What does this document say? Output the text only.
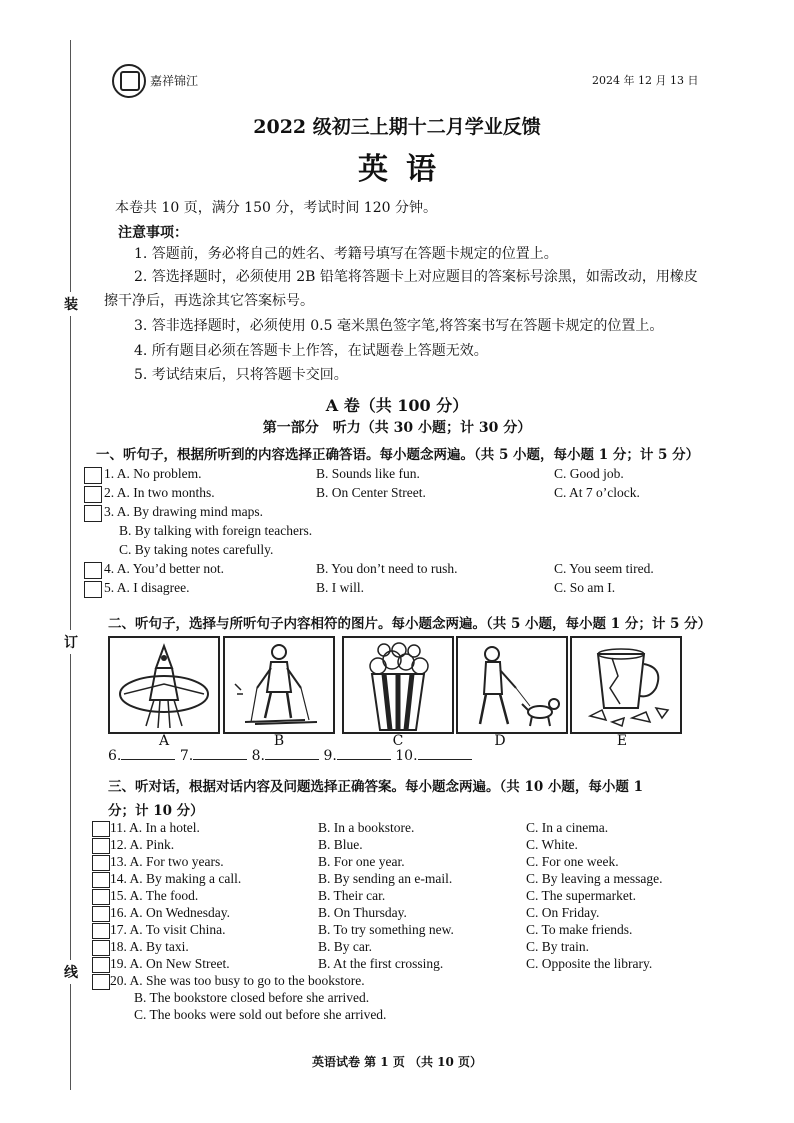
装
订
线
嘉祥锦江	2024 年 12 月 13 日
2022 级初三上期十二月学业反馈
英语
本卷共 10 页，满分 150 分，考试时间 120 分钟。
注意事项：
1. 答题前，务必将自己的姓名、考籍号填写在答题卡规定的位置上。
2. 答选择题时，必须使用 2B 铅笔将答题卡上对应题目的答案标号涂黑，如需改动，用橡皮
擦干净后，再选涂其它答案标号。
3. 答非选择题时，必须使用 0.5 毫米黑色签字笔,将答案书写在答题卡规定的位置上。
4. 所有题目必须在答题卡上作答，在试题卷上答题无效。
5. 考试结束后，只将答题卡交回。
A 卷（共 100 分）
第一部分　听力（共 30 小题；计 30 分）
一、听句子，根据所听到的内容选择正确答语。每小题念两遍。（共 5 小题，每小题 1 分；计 5 分）
1. A. No problem.	B. Sounds like fun.	C. Good job.
2. A. In two months.	B. On Center Street.	C. At 7 o’clock.
3. A. By drawing mind maps.
B. By talking with foreign teachers.
C. By taking notes carefully.
4. A. You’d better not.	B. You don’t need to rush.	C. You seem tired.
5. A. I disagree.	B. I will.	C. So am I.
二、听句子，选择与所听句子内容相符的图片。每小题念两遍。（共 5 小题，每小题 1 分；计 5 分）
A	B	C	D	E
6.	7.	8.	9.	10.
三、听对话，根据对话内容及问题选择正确答案。每小题念两遍。（共 10 小题，每小题 1
分；计 10 分）
11. A. In a hotel.	B. In a bookstore.	C. In a cinema.
12. A. Pink.	B. Blue.	C. White.
13. A. For two years.	B. For one year.	C. For one week.
14. A. By making a call.	B. By sending an e-mail.	C. By leaving a message.
15. A. The food.	B. Their car.	C. The supermarket.
16. A. On Wednesday.	B. On Thursday.	C. On Friday.
17. A. To visit China.	B. To try something new.	C. To make friends.
18. A. By taxi.	B. By car.	C. By train.
19. A. On New Street.	B. At the first crossing.	C. Opposite the library.
20. A. She was too busy to go to the bookstore.
B. The bookstore closed before she arrived.
C. The books were sold out before she arrived.
英语试卷 第 1 页 （共 10 页）
